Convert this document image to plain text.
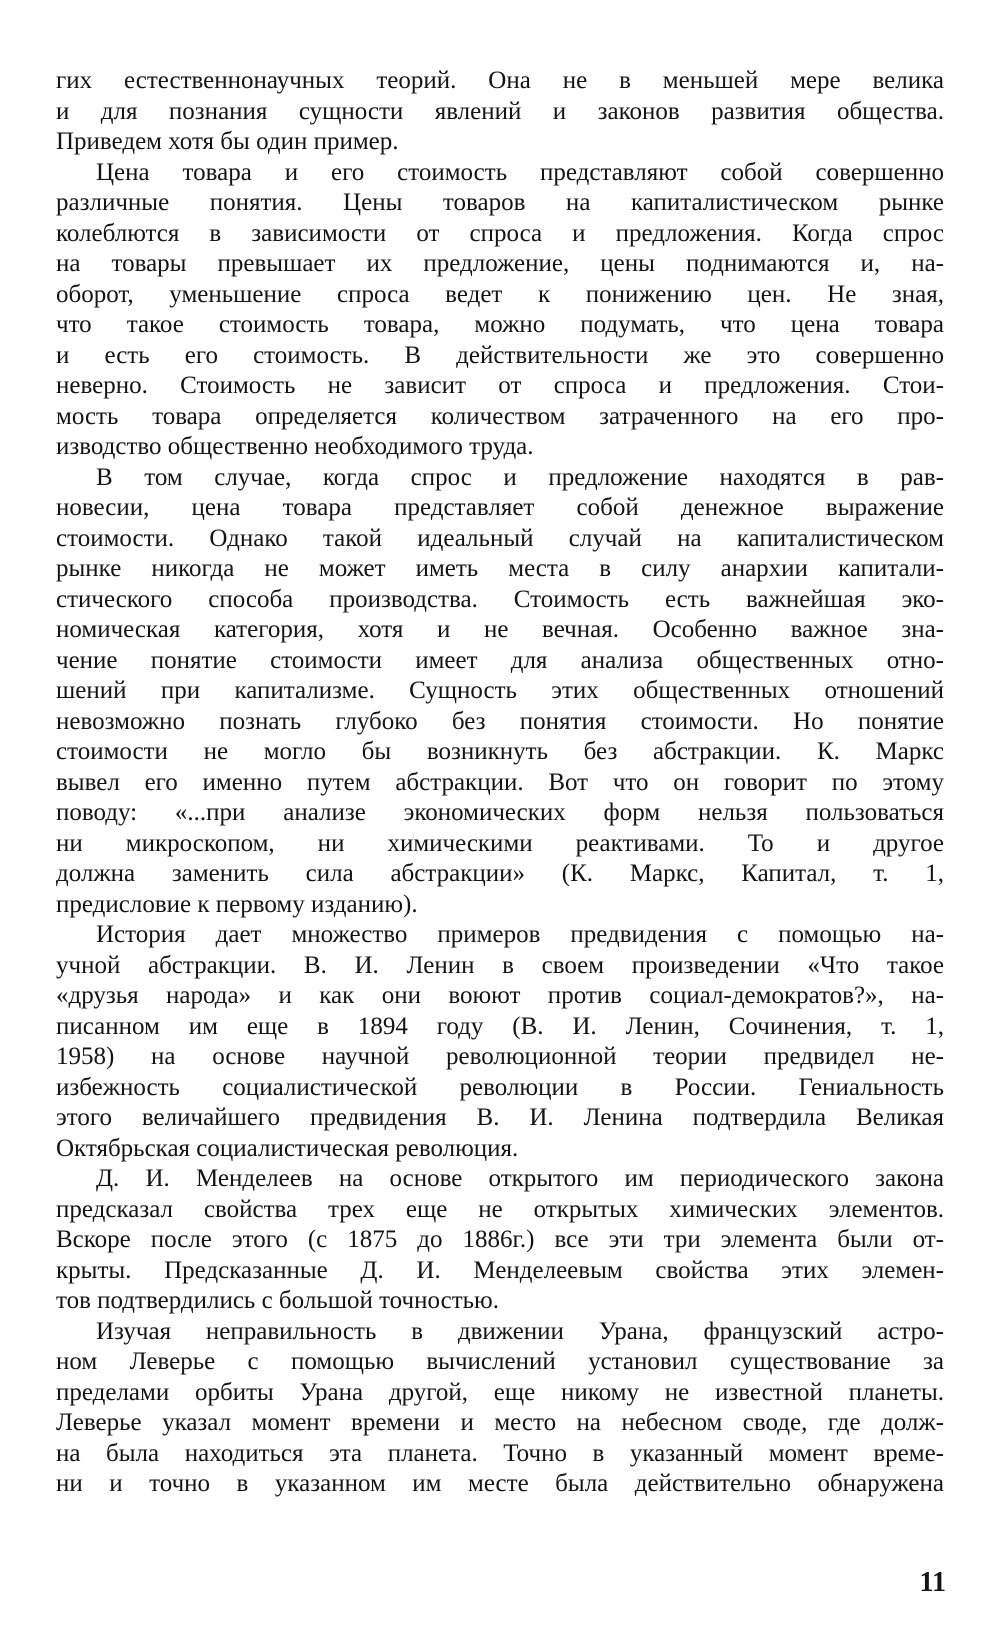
гих естественнонаучных теорий. Она не в меньшей мере велика
и для познания сущности явлений и законов развития общества.
Приведем хотя бы один пример.
Цена товара и его стоимость представляют собой совершенно
различные понятия. Цены товаров на капиталистическом рынке
колеблются в зависимости от спроса и предложения. Когда спрос
на товары превышает их предложение, цены поднимаются и, на-
оборот, уменьшение спроса ведет к понижению цен. Не зная,
что такое стоимость товара, можно подумать, что цена товара
и есть его стоимость. В действительности же это совершенно
неверно. Стоимость не зависит от спроса и предложения. Стои-
мость товара определяется количеством затраченного на его про-
изводство общественно необходимого труда.
В том случае, когда спрос и предложение находятся в рав-
новесии, цена товара представляет собой денежное выражение
стоимости. Однако такой идеальный случай на капиталистическом
рынке никогда не может иметь места в силу анархии капитали-
стического способа производства. Стоимость есть важнейшая эко-
номическая категория, хотя и не вечная. Особенно важное зна-
чение понятие стоимости имеет для анализа общественных отно-
шений при капитализме. Сущность этих общественных отношений
невозможно познать глубоко без понятия стоимости. Но понятие
стоимости не могло бы возникнуть без абстракции. К. Маркс
вывел его именно путем абстракции. Вот что он говорит по этому
поводу: «...при анализе экономических форм нельзя пользоваться
ни микроскопом, ни химическими реактивами. То и другое
должна заменить сила абстракции» (К. Маркс, Капитал, т. 1,
предисловие к первому изданию).
История дает множество примеров предвидения с помощью на-
учной абстракции. В. И. Ленин в своем произведении «Что такое
«друзья народа» и как они воюют против социал-демократов?», на-
писанном им еще в 1894 году (В. И. Ленин, Сочинения, т. 1,
1958) на основе научной революционной теории предвидел не-
избежность социалистической революции в России. Гениальность
этого величайшего предвидения В. И. Ленина подтвердила Великая
Октябрьская социалистическая революция.
Д. И. Менделеев на основе открытого им периодического закона
предсказал свойства трех еще не открытых химических элементов.
Вскоре после этого (с 1875 до 1886г.) все эти три элемента были от-
крыты. Предсказанные Д. И. Менделеевым свойства этих элемен-
тов подтвердились с большой точностью.
Изучая неправильность в движении Урана, французский астро-
ном Леверье с помощью вычислений установил существование за
пределами орбиты Урана другой, еще никому не известной планеты.
Леверье указал момент времени и место на небесном своде, где долж-
на была находиться эта планета. Точно в указанный момент време-
ни и точно в указанном им месте была действительно обнаружена
11
